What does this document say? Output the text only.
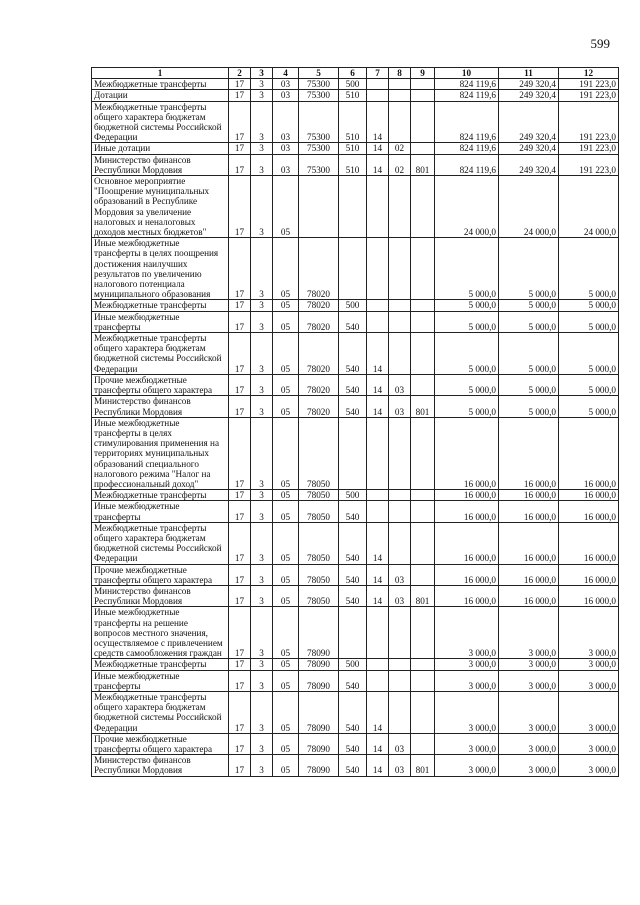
599
1	2	3	4	5	6	7	8	9	10	11	12
Межбюджетные трансферты	17	3	03	75300	500				824 119,6	249 320,4	191 223,0
Дотации	17	3	03	75300	510				824 119,6	249 320,4	191 223,0
Межбюджетные трансферты общего характера бюджетам бюджетной системы Российской Федерации	17	3	03	75300	510	14			824 119,6	249 320,4	191 223,0
Иные дотации	17	3	03	75300	510	14	02		824 119,6	249 320,4	191 223,0
Министерство финансов Республики Мордовия	17	3	03	75300	510	14	02	801	824 119,6	249 320,4	191 223,0
Основное мероприятие "Поощрение муниципальных образований в Республике Мордовия за увеличение налоговых и неналоговых доходов местных бюджетов"	17	3	05						24 000,0	24 000,0	24 000,0
Иные межбюджетные трансферты в целях поощрения достижения наилучших результатов по увеличению налогового потенциала муниципального образования	17	3	05	78020					5 000,0	5 000,0	5 000,0
Межбюджетные трансферты	17	3	05	78020	500				5 000,0	5 000,0	5 000,0
Иные межбюджетные трансферты	17	3	05	78020	540				5 000,0	5 000,0	5 000,0
Межбюджетные трансферты общего характера бюджетам бюджетной системы Российской Федерации	17	3	05	78020	540	14			5 000,0	5 000,0	5 000,0
Прочие межбюджетные трансферты общего характера	17	3	05	78020	540	14	03		5 000,0	5 000,0	5 000,0
Министерство финансов Республики Мордовия	17	3	05	78020	540	14	03	801	5 000,0	5 000,0	5 000,0
Иные межбюджетные трансферты в целях стимулирования применения на территориях муниципальных образований специального налогового режима "Налог на профессиональный доход"	17	3	05	78050					16 000,0	16 000,0	16 000,0
Межбюджетные трансферты	17	3	05	78050	500				16 000,0	16 000,0	16 000,0
Иные межбюджетные трансферты	17	3	05	78050	540				16 000,0	16 000,0	16 000,0
Межбюджетные трансферты общего характера бюджетам бюджетной системы Российской Федерации	17	3	05	78050	540	14			16 000,0	16 000,0	16 000,0
Прочие межбюджетные трансферты общего характера	17	3	05	78050	540	14	03		16 000,0	16 000,0	16 000,0
Министерство финансов Республики Мордовия	17	3	05	78050	540	14	03	801	16 000,0	16 000,0	16 000,0
Иные межбюджетные трансферты на решение вопросов местного значения, осуществляемое с привлечением средств самообложения граждан	17	3	05	78090					3 000,0	3 000,0	3 000,0
Межбюджетные трансферты	17	3	05	78090	500				3 000,0	3 000,0	3 000,0
Иные межбюджетные трансферты	17	3	05	78090	540				3 000,0	3 000,0	3 000,0
Межбюджетные трансферты общего характера бюджетам бюджетной системы Российской Федерации	17	3	05	78090	540	14			3 000,0	3 000,0	3 000,0
Прочие межбюджетные трансферты общего характера	17	3	05	78090	540	14	03		3 000,0	3 000,0	3 000,0
Министерство финансов Республики Мордовия	17	3	05	78090	540	14	03	801	3 000,0	3 000,0	3 000,0
